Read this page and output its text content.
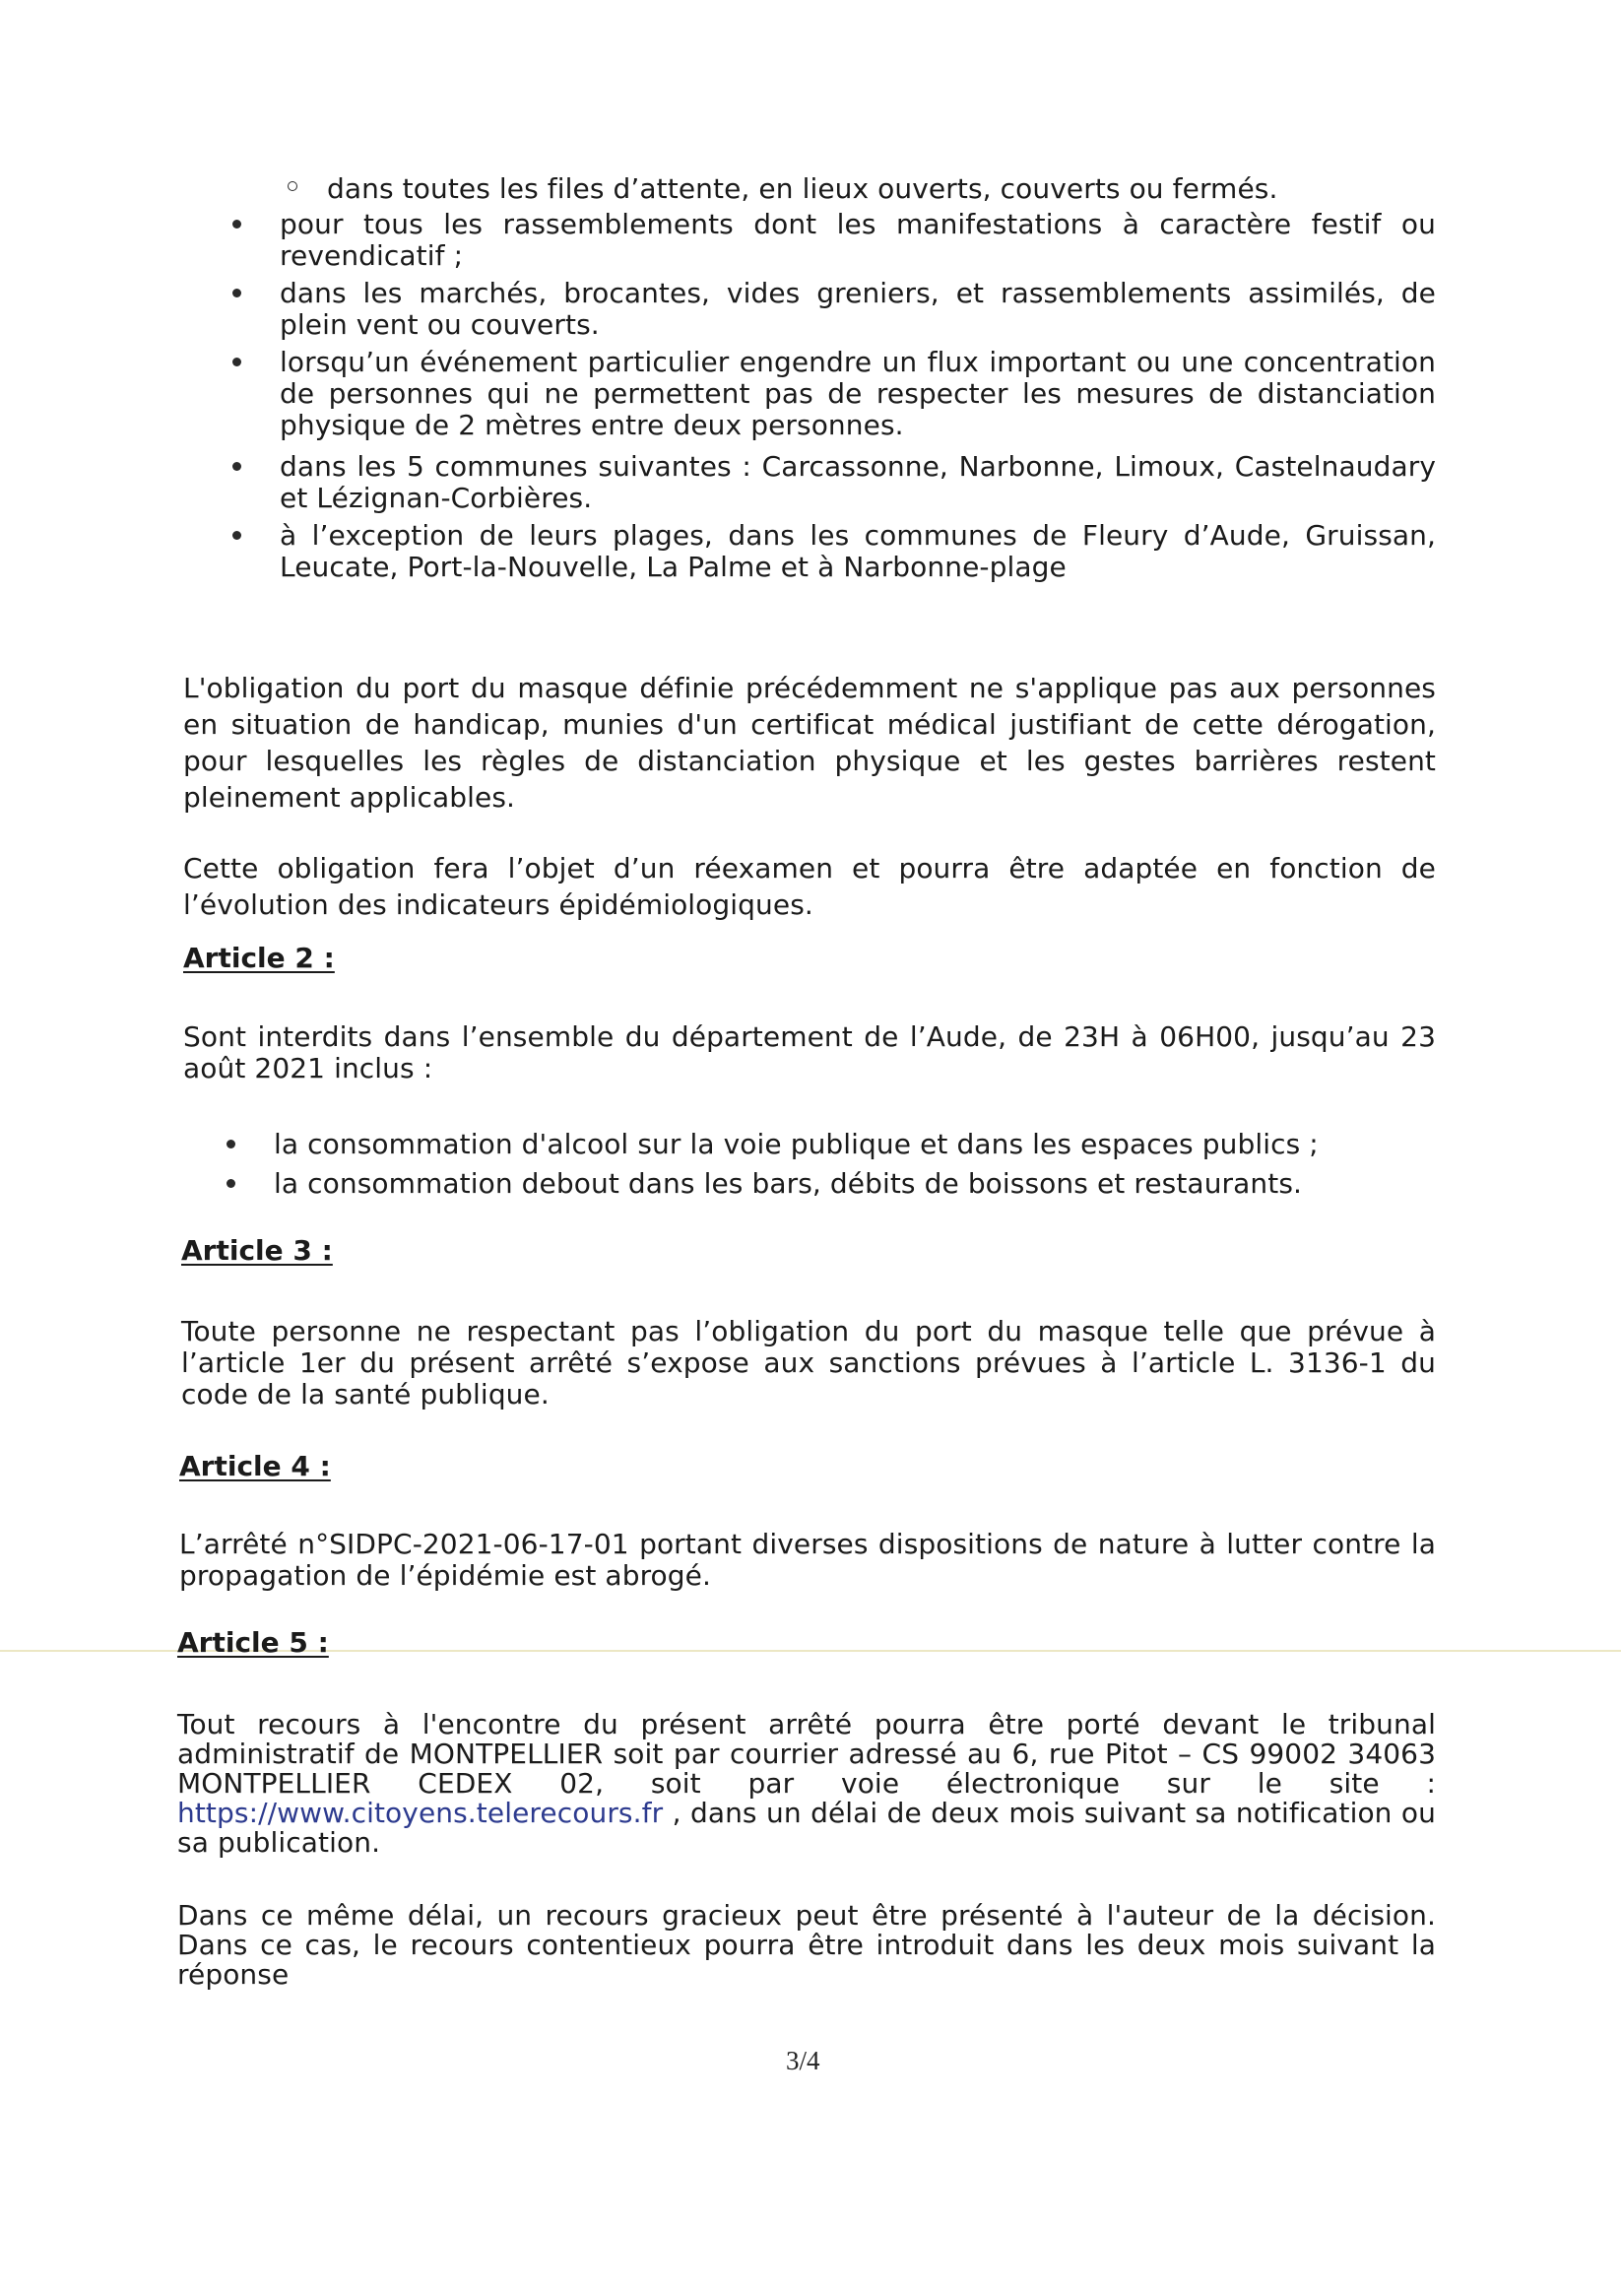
dans toutes les files d’attente, en lieux ouverts, couverts ou fermés.
pour tous les rassemblements dont les manifestations à caractère festif ou revendicatif ;
dans les marchés, brocantes, vides greniers, et rassemblements assimilés, de plein vent ou couverts.
lorsqu’un événement particulier engendre un flux important ou une concentration de personnes qui ne permettent pas de respecter les mesures de distanciation physique de 2 mètres entre deux personnes.
dans les 5 communes suivantes : Carcassonne, Narbonne, Limoux, Castelnaudary et Lézignan-Corbières.
à l’exception de leurs plages, dans les communes de Fleury d’Aude, Gruissan, Leucate, Port-la-Nouvelle, La Palme et à Narbonne-plage
L'obligation du port du masque définie précédemment ne s'applique pas aux personnes en situation de handicap, munies d'un certificat médical justifiant de cette dérogation, pour lesquelles les règles de distanciation physique et les gestes barrières restent pleinement applicables.
Cette obligation fera l’objet d’un réexamen et pourra être adaptée en fonction de l’évolution des indicateurs épidémiologiques.
Article 2 :
Sont interdits dans l’ensemble du département de l’Aude, de 23H à 06H00, jusqu’au 23 août 2021 inclus :
la consommation d'alcool sur la voie publique et dans les espaces publics ;
la consommation debout dans les bars, débits de boissons et restaurants.
Article 3 :
Toute personne ne respectant pas l’obligation du port du masque telle que prévue à l’article 1er du présent arrêté s’expose aux sanctions prévues à l’article L. 3136-1 du code de la santé publique.
Article 4 :
L’arrêté n°SIDPC-2021-06-17-01 portant diverses dispositions de nature à lutter contre la propagation de l’épidémie est abrogé.
Article 5 :
Tout recours à l'encontre du présent arrêté pourra être porté devant le tribunal administratif de MONTPELLIER soit par courrier adressé au 6, rue Pitot – CS 99002 34063 MONTPELLIER CEDEX 02, soit par voie électronique sur le site : https://www.citoyens.telerecours.fr , dans un délai de deux mois suivant sa notification ou sa publication.
Dans ce même délai, un recours gracieux peut être présenté à l'auteur de la décision. Dans ce cas, le recours contentieux pourra être introduit dans les deux mois suivant la réponse
3/4
